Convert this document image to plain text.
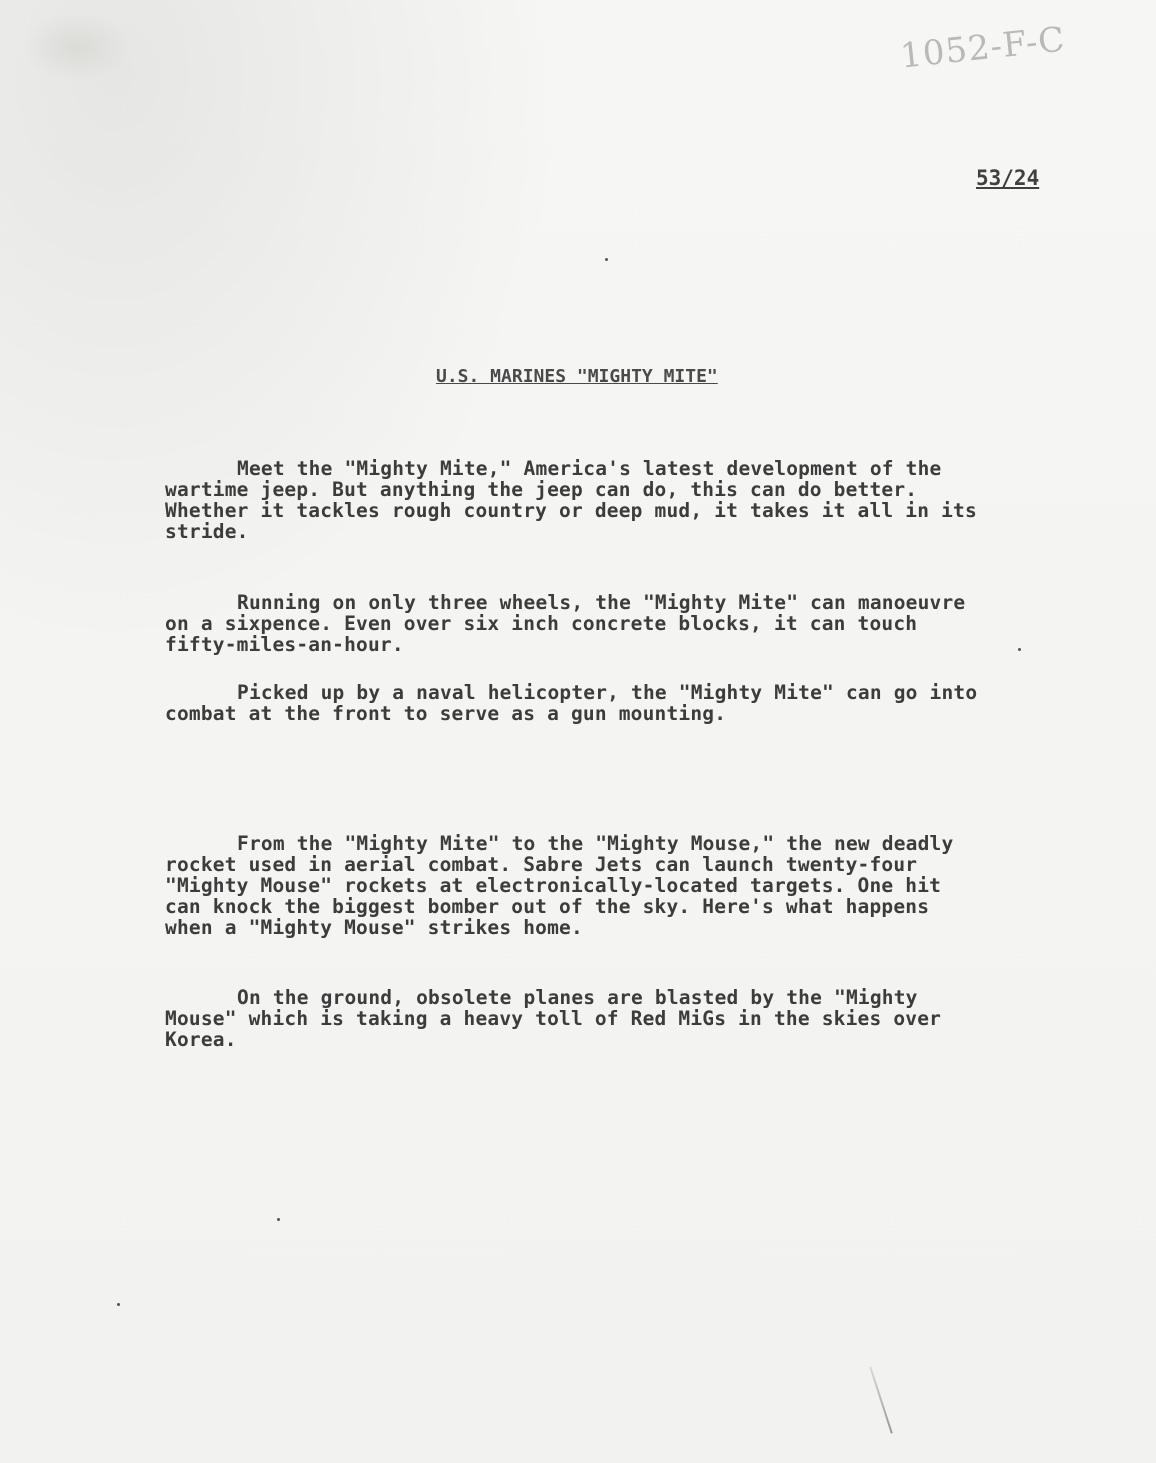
1052-F-C
53/24
U.S. MARINES "MIGHTY MITE"

Meet the "Mighty Mite," America's latest development of the wartime jeep. But anything the jeep can do, this can do better. Whether it tackles rough country or deep mud, it takes it all in its stride.

Running on only three wheels, the "Mighty Mite" can manoeuvre on a sixpence. Even over six inch concrete blocks, it can touch fifty-miles-an-hour.

Picked up by a naval helicopter, the "Mighty Mite" can go into combat at the front to serve as a gun mounting.

From the "Mighty Mite" to the "Mighty Mouse," the new deadly rocket used in aerial combat. Sabre Jets can launch twenty-four "Mighty Mouse" rockets at electronically-located targets. One hit can knock the biggest bomber out of the sky. Here's what happens when a "Mighty Mouse" strikes home.

On the ground, obsolete planes are blasted by the "Mighty Mouse" which is taking a heavy toll of Red MiGs in the skies over Korea.
